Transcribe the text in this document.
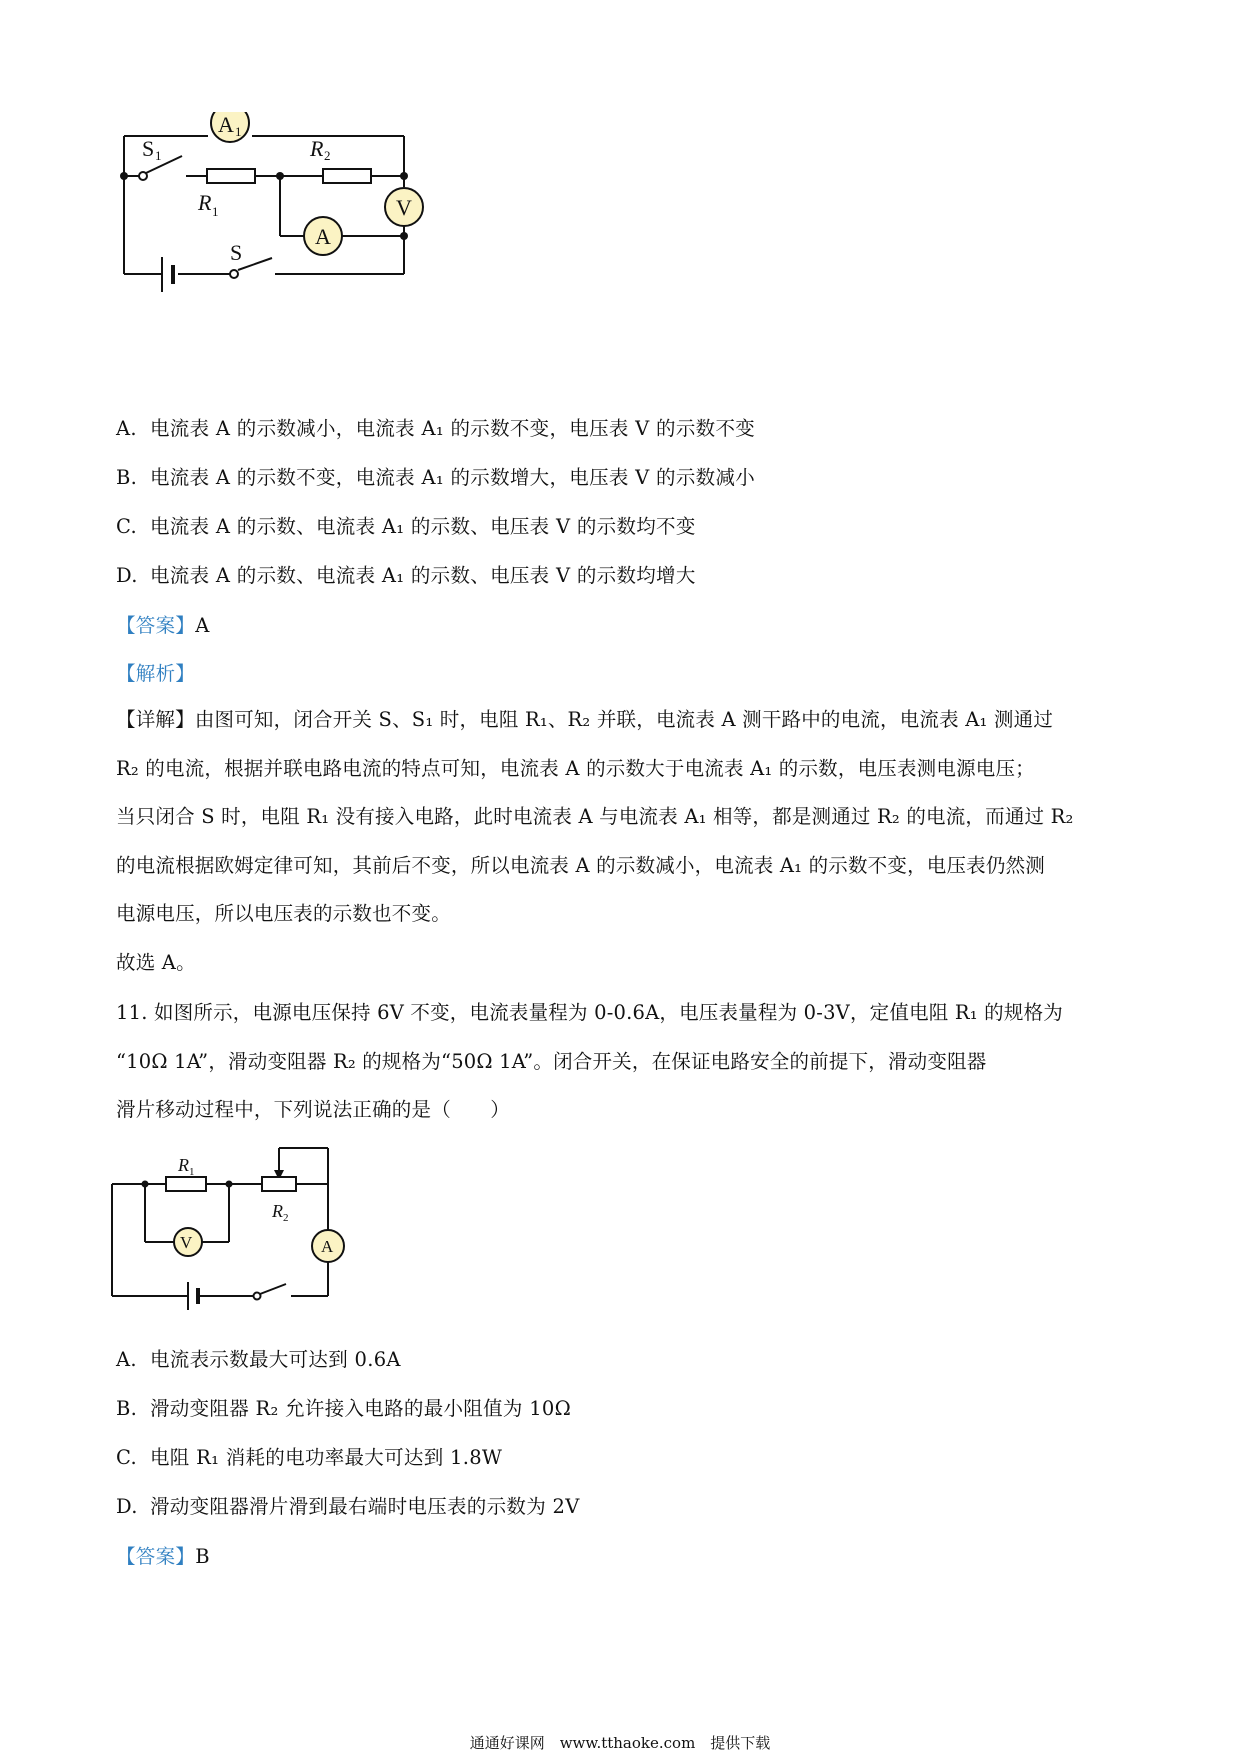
A 1
V
A
S 1	R 2
R 1
S
A. 电流表 A 的示数减小，电流表 A₁ 的示数不变，电压表 V 的示数不变
B. 电流表 A 的示数不变，电流表 A₁ 的示数增大，电压表 V 的示数减小
C. 电流表 A 的示数、电流表 A₁ 的示数、电压表 V 的示数均不变
D. 电流表 A 的示数、电流表 A₁ 的示数、电压表 V 的示数均增大
【答案】A
【解析】

【详解】由图可知，闭合开关 S、S₁ 时，电阻 R₁、R₂ 并联，电流表 A 测干路中的电流，电流表 A₁ 测通过

R₂ 的电流，根据并联电路电流的特点可知，电流表 A 的示数大于电流表 A₁ 的示数，电压表测电源电压；

当只闭合 S 时，电阻 R₁ 没有接入电路，此时电流表 A 与电流表 A₁ 相等，都是测通过 R₂ 的电流，而通过 R₂

的电流根据欧姆定律可知，其前后不变，所以电流表 A 的示数减小，电流表 A₁ 的示数不变，电压表仍然测

电源电压，所以电压表的示数也不变。

故选 A。

11. 如图所示，电源电压保持 6V 不变，电流表量程为 0-0.6A，电压表量程为 0-3V，定值电阻 R₁ 的规格为

“10Ω 1A”，滑动变阻器 R₂ 的规格为“50Ω 1A”。闭合开关，在保证电路安全的前提下，滑动变阻器

滑片移动过程中，下列说法正确的是（　　）

V	A
R 1
R 2
A. 电流表示数最大可达到 0.6A
B. 滑动变阻器 R₂ 允许接入电路的最小阻值为 10Ω
C. 电阻 R₁ 消耗的电功率最大可达到 1.8W
D. 滑动变阻器滑片滑到最右端时电压表的示数为 2V
【答案】B
通通好课网　www.tthaoke.com　提供下载
